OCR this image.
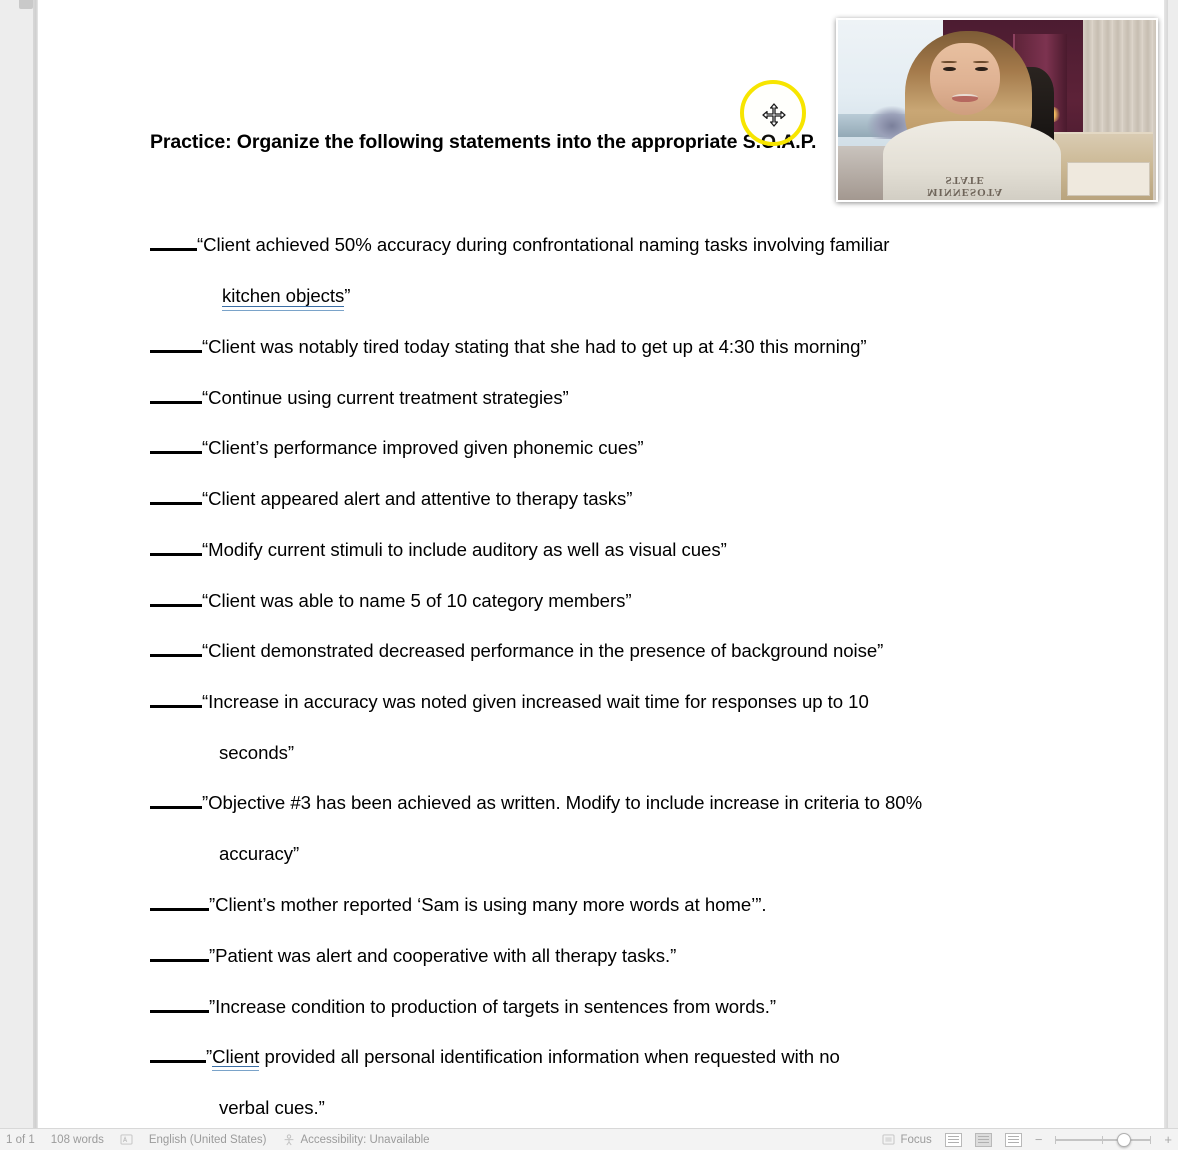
Practice: Organize the following statements into the appropriate S.O.A.P.
“Client achieved 50% accuracy during confrontational naming tasks involving familiar
kitchen objects”
“Client was notably tired today stating that she had to get up at 4:30 this morning”
“Continue using current treatment strategies”
“Client’s performance improved given phonemic cues”
“Client appeared alert and attentive to therapy tasks”
“Modify current stimuli to include auditory as well as visual cues”
“Client was able to name 5 of 10 category members”
“Client demonstrated decreased performance in the presence of background noise”
“Increase in accuracy was noted given increased wait time for responses up to 10
seconds”
”Objective #3 has been achieved as written. Modify to include increase in criteria to 80%
accuracy”
”Client’s mother reported ‘Sam is using many more words at home’”.
”Patient was alert and cooperative with all therapy tasks.”
”Increase condition to production of targets in sentences from words.”
”Client provided all personal identification information when requested with no
verbal cues.”
MINNESOTA STATE
1 of 1 108 words	English (United States)	Accessibility: Unavailable	Focus	−	+
